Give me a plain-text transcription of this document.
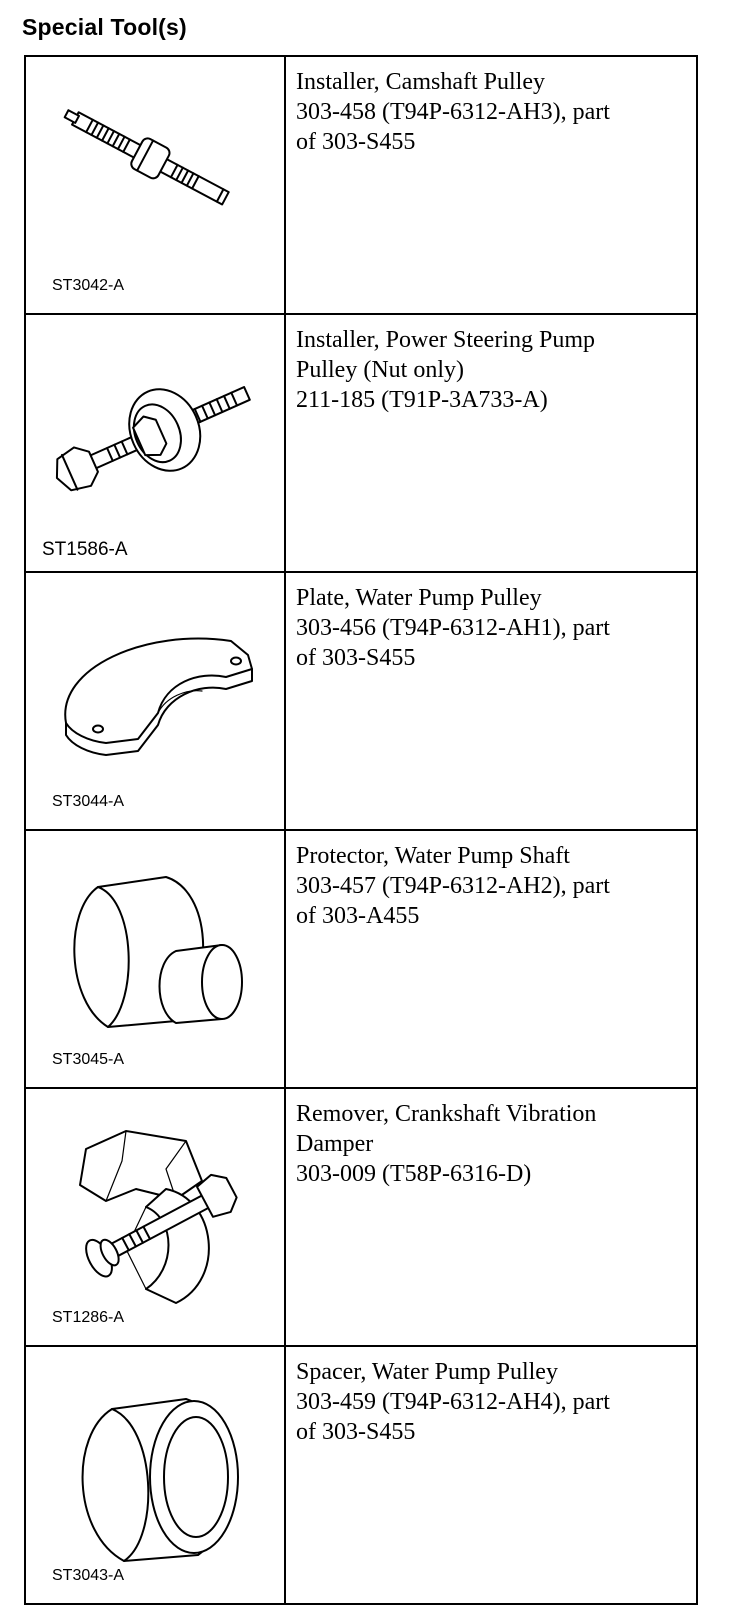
Special Tool(s)
ST3042-A	Installer, Camshaft Pulley
303-458 (T94P-6312-AH3), part
of 303-S455

ST1586-A	Installer, Power Steering Pump
Pulley (Nut only)
211-185 (T91P-3A733-A)

ST3044-A	Plate, Water Pump Pulley
303-456 (T94P-6312-AH1), part
of 303-S455

ST3045-A	Protector, Water Pump Shaft
303-457 (T94P-6312-AH2), part
of 303-A455

ST1286-A	Remover, Crankshaft Vibration
Damper
303-009 (T58P-6316-D)

ST3043-A	Spacer, Water Pump Pulley
303-459 (T94P-6312-AH4), part
of 303-S455
